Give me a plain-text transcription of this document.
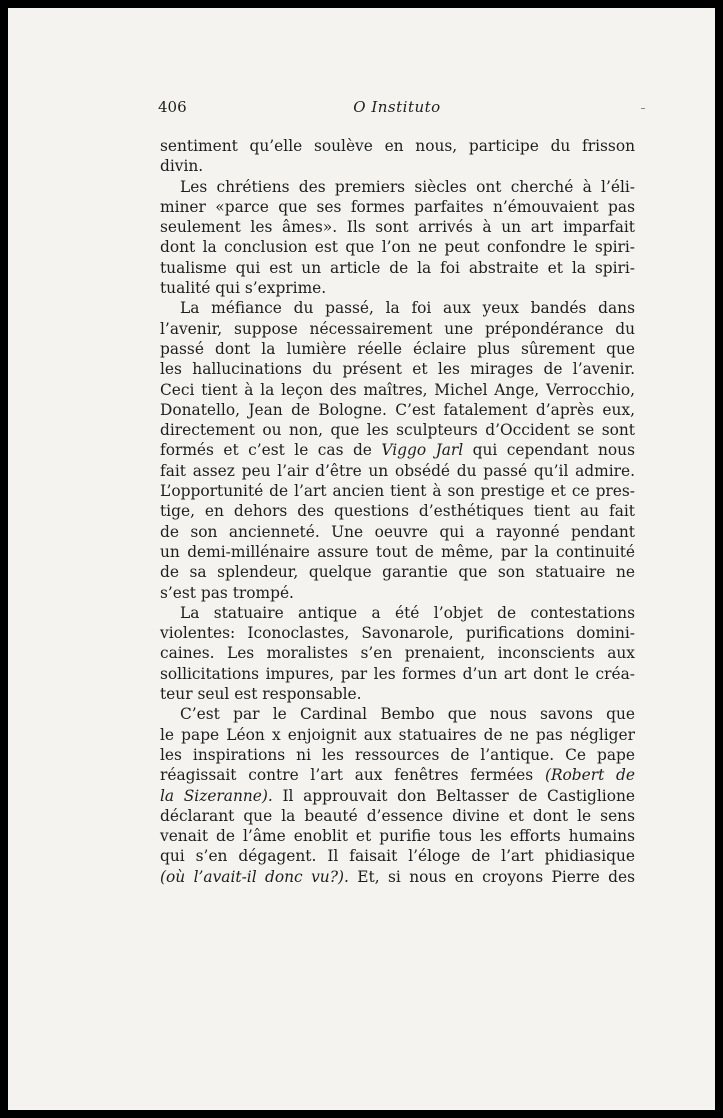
406	O Instituto
sentiment qu’elle soulève en nous, participe du frisson
divin.
Les chrétiens des premiers siècles ont cherché à l’éli-
miner «parce que ses formes parfaites n’émouvaient pas
seulement les âmes». Ils sont arrivés à un art imparfait
dont la conclusion est que l’on ne peut confondre le spiri-
tualisme qui est un article de la foi abstraite et la spiri-
tualité qui s’exprime.
La méfiance du passé, la foi aux yeux bandés dans
l’avenir, suppose nécessairement une prépondérance du
passé dont la lumière réelle éclaire plus sûrement que
les hallucinations du présent et les mirages de l’avenir.
Ceci tient à la leçon des maîtres, Michel Ange, Verrocchio,
Donatello, Jean de Bologne. C’est fatalement d’après eux,
directement ou non, que les sculpteurs d’Occident se sont
formés et c’est le cas de Viggo Jarl qui cependant nous
fait assez peu l’air d’être un obsédé du passé qu’il admire.
L’opportunité de l’art ancien tient à son prestige et ce pres-
tige, en dehors des questions d’esthétiques tient au fait
de son ancienneté. Une oeuvre qui a rayonné pendant
un demi-millénaire assure tout de même, par la continuité
de sa splendeur, quelque garantie que son statuaire ne
s’est pas trompé.
La statuaire antique a été l’objet de contestations
violentes: Iconoclastes, Savonarole, purifications domini-
caines. Les moralistes s’en prenaient, inconscients aux
sollicitations impures, par les formes d’un art dont le créa-
teur seul est responsable.
C’est par le Cardinal Bembo que nous savons que
le pape Léon x enjoignit aux statuaires de ne pas négliger
les inspirations ni les ressources de l’antique. Ce pape
réagissait contre l’art aux fenêtres fermées (Robert de
la Sizeranne). Il approuvait don Beltasser de Castiglione
déclarant que la beauté d’essence divine et dont le sens
venait de l’âme enoblit et purifie tous les efforts humains
qui s’en dégagent. Il faisait l’éloge de l’art phidiasique
(où l’avait-il donc vu?). Et, si nous en croyons Pierre des
